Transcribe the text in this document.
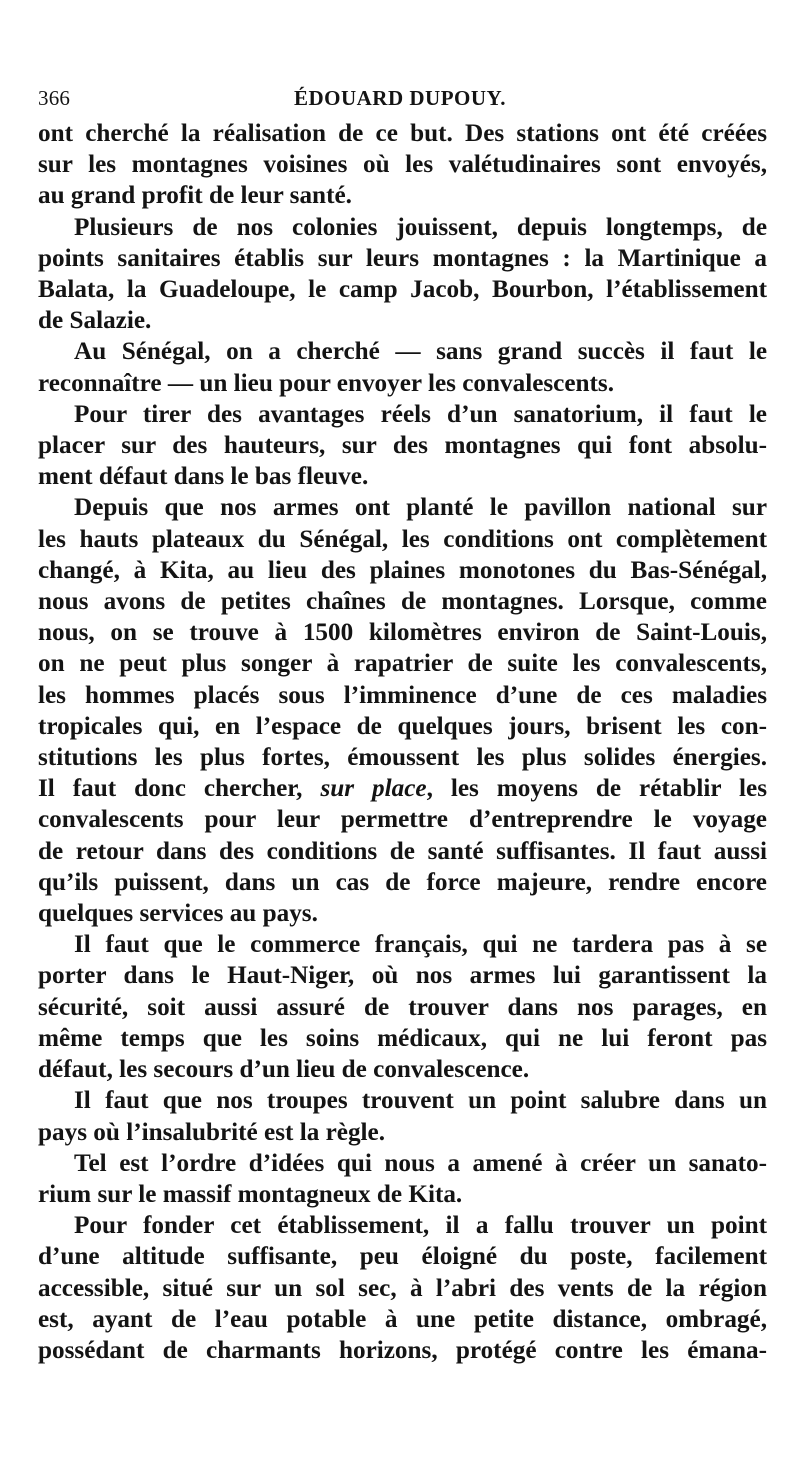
366	ÉDOUARD DUPOUY.
ont cherché la réalisation de ce but. Des stations ont été créées
sur les montagnes voisines où les valétudinaires sont envoyés,
au grand profit de leur santé.
Plusieurs de nos colonies jouissent, depuis longtemps, de
points sanitaires établis sur leurs montagnes : la Martinique a
Balata, la Guadeloupe, le camp Jacob, Bourbon, l’établissement
de Salazie.
Au Sénégal, on a cherché — sans grand succès il faut le
reconnaître — un lieu pour envoyer les convalescents.
Pour tirer des avantages réels d’un sanatorium, il faut le
placer sur des hauteurs, sur des montagnes qui font absolu-
ment défaut dans le bas fleuve.
Depuis que nos armes ont planté le pavillon national sur
les hauts plateaux du Sénégal, les conditions ont complètement
changé, à Kita, au lieu des plaines monotones du Bas-Sénégal,
nous avons de petites chaînes de montagnes. Lorsque, comme
nous, on se trouve à 1500 kilomètres environ de Saint-Louis,
on ne peut plus songer à rapatrier de suite les convalescents,
les hommes placés sous l’imminence d’une de ces maladies
tropicales qui, en l’espace de quelques jours, brisent les con-
stitutions les plus fortes, émoussent les plus solides énergies.
Il faut donc chercher, sur place, les moyens de rétablir les
convalescents pour leur permettre d’entreprendre le voyage
de retour dans des conditions de santé suffisantes. Il faut aussi
qu’ils puissent, dans un cas de force majeure, rendre encore
quelques services au pays.
Il faut que le commerce français, qui ne tardera pas à se
porter dans le Haut-Niger, où nos armes lui garantissent la
sécurité, soit aussi assuré de trouver dans nos parages, en
même temps que les soins médicaux, qui ne lui feront pas
défaut, les secours d’un lieu de convalescence.
Il faut que nos troupes trouvent un point salubre dans un
pays où l’insalubrité est la règle.
Tel est l’ordre d’idées qui nous a amené à créer un sanato-
rium sur le massif montagneux de Kita.
Pour fonder cet établissement, il a fallu trouver un point
d’une altitude suffisante, peu éloigné du poste, facilement
accessible, situé sur un sol sec, à l’abri des vents de la région
est, ayant de l’eau potable à une petite distance, ombragé,
possédant de charmants horizons, protégé contre les émana-
